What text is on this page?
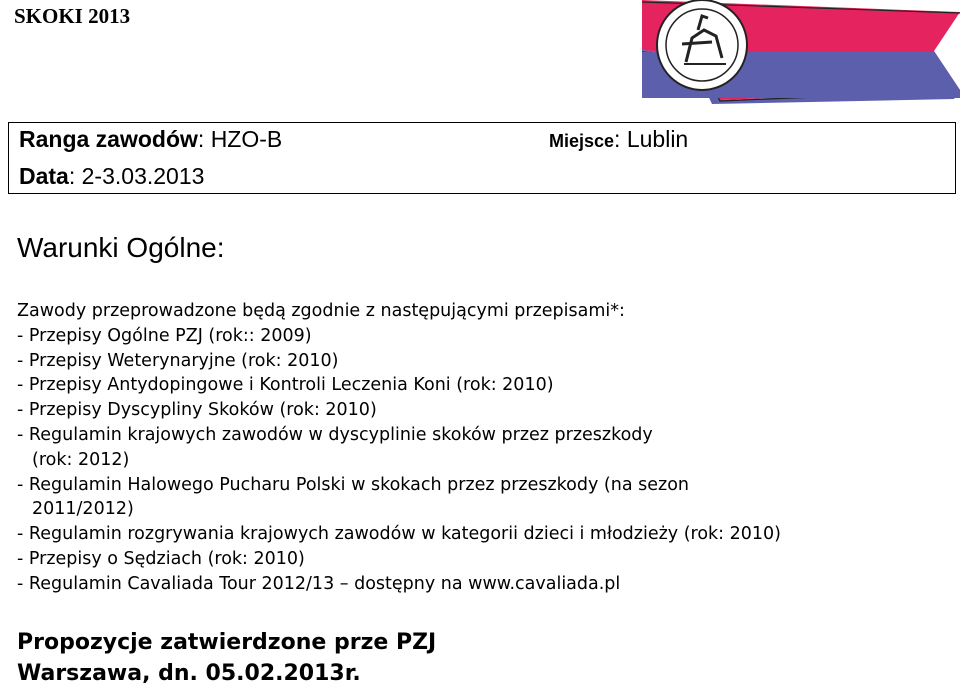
SKOKI 2013
Ranga zawodów: HZO-B	Miejsce: Lublin
Data: 2-3.03.2013
Warunki Ogólne:
Zawody przeprowadzone będą zgodnie z następującymi przepisami*:
- Przepisy Ogólne PZJ (rok:: 2009)
- Przepisy Weterynaryjne (rok: 2010)
- Przepisy Antydopingowe i Kontroli Leczenia Koni (rok: 2010)
- Przepisy Dyscypliny Skoków (rok: 2010)
- Regulamin krajowych zawodów w dyscyplinie skoków przez przeszkody
(rok: 2012)
- Regulamin Halowego Pucharu Polski w skokach przez przeszkody (na sezon
2011/2012)
- Regulamin rozgrywania krajowych zawodów w kategorii dzieci i młodzieży (rok: 2010)
- Przepisy o Sędziach (rok: 2010)
- Regulamin Cavaliada Tour 2012/13 – dostępny na www.cavaliada.pl
Propozycje zatwierdzone prze PZJ
Warszawa, dn. 05.02.2013r.
